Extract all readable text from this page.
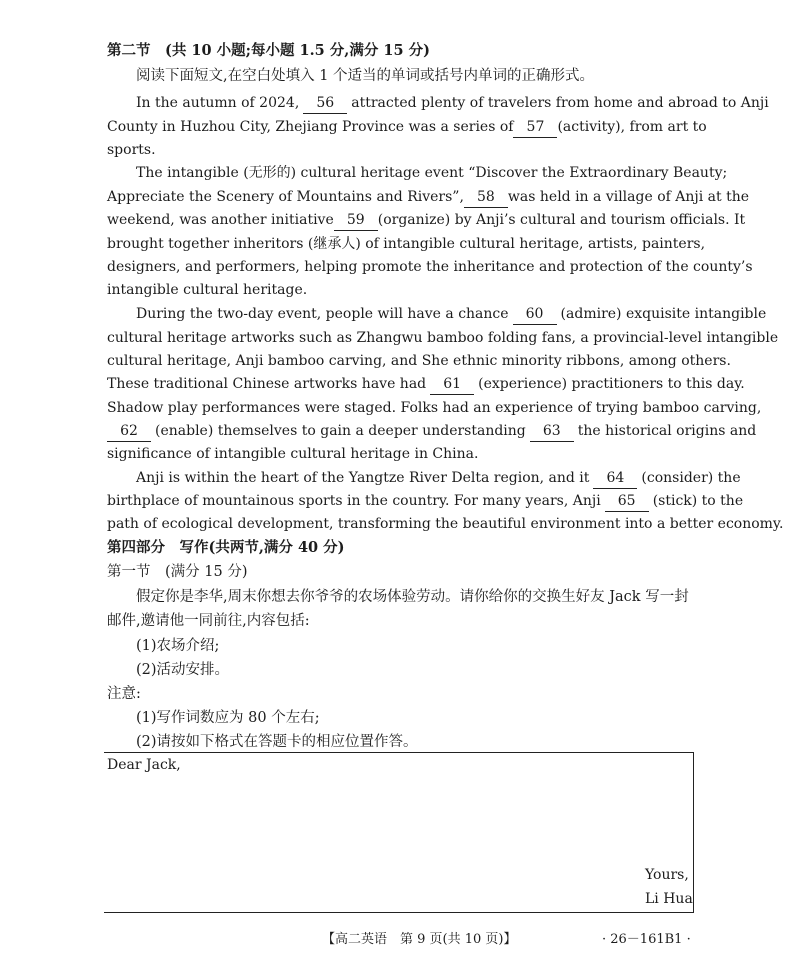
第二节　(共 10 小题;每小题 1.5 分,满分 15 分)
阅读下面短文,在空白处填入 1 个适当的单词或括号内单词的正确形式。
In the autumn of 2024, 56 attracted plenty of travelers from home and abroad to Anji
County in Huzhou City, Zhejiang Province was a series of 57 (activity), from art to
sports.
The intangible (无形的) cultural heritage event “Discover the Extraordinary Beauty;
Appreciate the Scenery of Mountains and Rivers”, 58 was held in a village of Anji at the
weekend, was another initiative 59 (organize) by Anji’s cultural and tourism officials. It
brought together inheritors (继承人) of intangible cultural heritage, artists, painters,
designers, and performers, helping promote the inheritance and protection of the county’s
intangible cultural heritage.
During the two-day event, people will have a chance 60 (admire) exquisite intangible
cultural heritage artworks such as Zhangwu bamboo folding fans, a provincial-level intangible
cultural heritage, Anji bamboo carving, and She ethnic minority ribbons, among others.
These traditional Chinese artworks have had 61 (experience) practitioners to this day.
Shadow play performances were staged. Folks had an experience of trying bamboo carving,
62 (enable) themselves to gain a deeper understanding 63 the historical origins and
significance of intangible cultural heritage in China.
Anji is within the heart of the Yangtze River Delta region, and it 64 (consider) the
birthplace of mountainous sports in the country. For many years, Anji 65 (stick) to the
path of ecological development, transforming the beautiful environment into a better economy.
第四部分　写作(共两节,满分 40 分)
第一节　(满分 15 分)
假定你是李华,周末你想去你爷爷的农场体验劳动。请你给你的交换生好友 Jack 写一封
邮件,邀请他一同前往,内容包括:
(1)农场介绍;
(2)活动安排。
注意:
(1)写作词数应为 80 个左右;
(2)请按如下格式在答题卡的相应位置作答。
Dear Jack,
Yours,
Li Hua
【高二英语　第 9 页(共 10 页)】	· 26－161B1 ·
